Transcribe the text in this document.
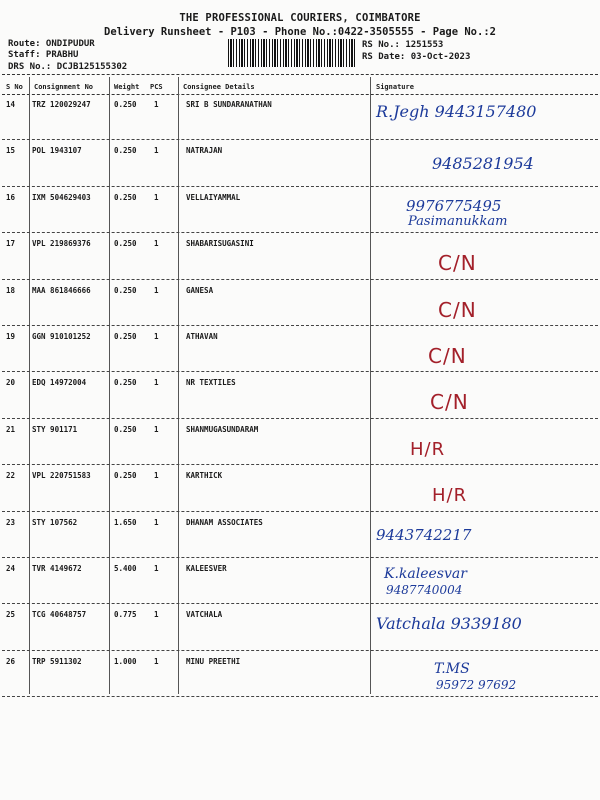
THE PROFESSIONAL COURIERS, COIMBATORE
Delivery Runsheet - P103 - Phone No.:0422-3505555 - Page No.:2
Route: ONDIPUDUR
Staff: PRABHU
DRS No.: DCJB125155302
RS No.: 1251553
RS Date: 03-Oct-2023
S No Consignment No	Weight PCS	Consignee Details	Signature
14 TRZ 120029247	0.250 1	SRI B SUNDARANATHAN	R.Jegh 9443157480
15 POL 1943107	0.250 1	NATRAJAN
9485281954
16 IXM 504629403	0.250 1	VELLAIYAMMAL	9976775495
Pasimanukkam
17 VPL 219869376	0.250 1	SHABARISUGASINI
C/N
18 MAA 861846666	0.250 1	GANESA
C/N
19 GGN 910101252	0.250 1	ATHAVAN
C/N
20 EDQ 14972004	0.250 1	NR TEXTILES
C/N
21 STY 901171	0.250 1	SHANMUGASUNDARAM
H/R
22 VPL 220751583	0.250 1	KARTHICK
H/R
23 STY 107562	1.650 1	DHANAM ASSOCIATES
9443742217
24 TVR 4149672	5.400 1	KALEESVER	K.kaleesvar
9487740004
25 TCG 40648757	0.775 1	VATCHALA	Vatchala 9339180
26 TRP 5911302	1.000 1	MINU PREETHI	T.MS
95972 97692
